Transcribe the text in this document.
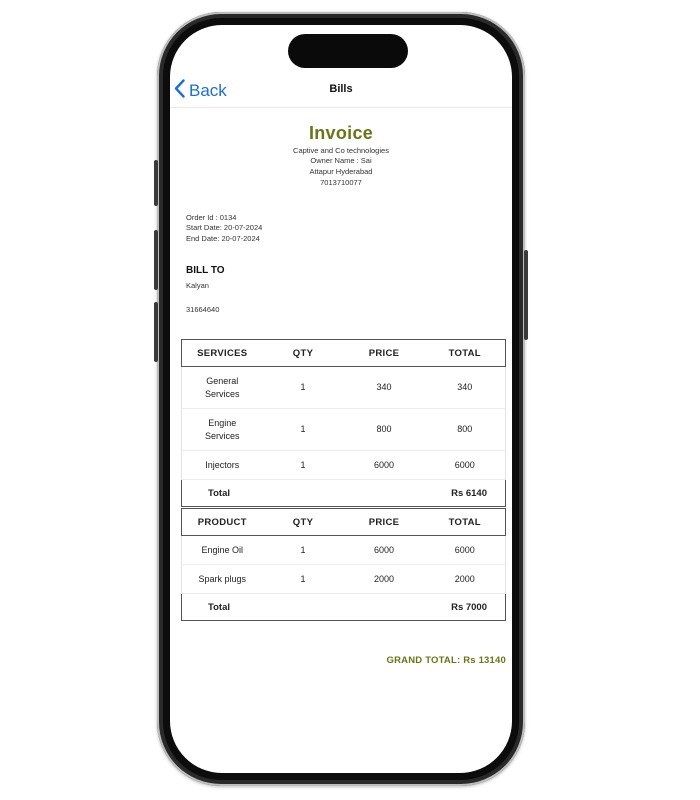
Back	Bills
Invoice
Captive and Co technologies
Owner Name : Sai
Attapur Hyderabad
7013710077
Order Id : 0134
Start Date: 20-07-2024
End Date: 20-07-2024
BILL TO
Kalyan
31664640
SERVICES	QTY	PRICE	TOTAL
General Services	1	340	340
Engine Services	1	800	800
Injectors	1	6000	6000
Total			Rs 6140
PRODUCT	QTY	PRICE	TOTAL
Engine Oil	1	6000	6000
Spark plugs	1	2000	2000
Total			Rs 7000
GRAND TOTAL: Rs 13140
